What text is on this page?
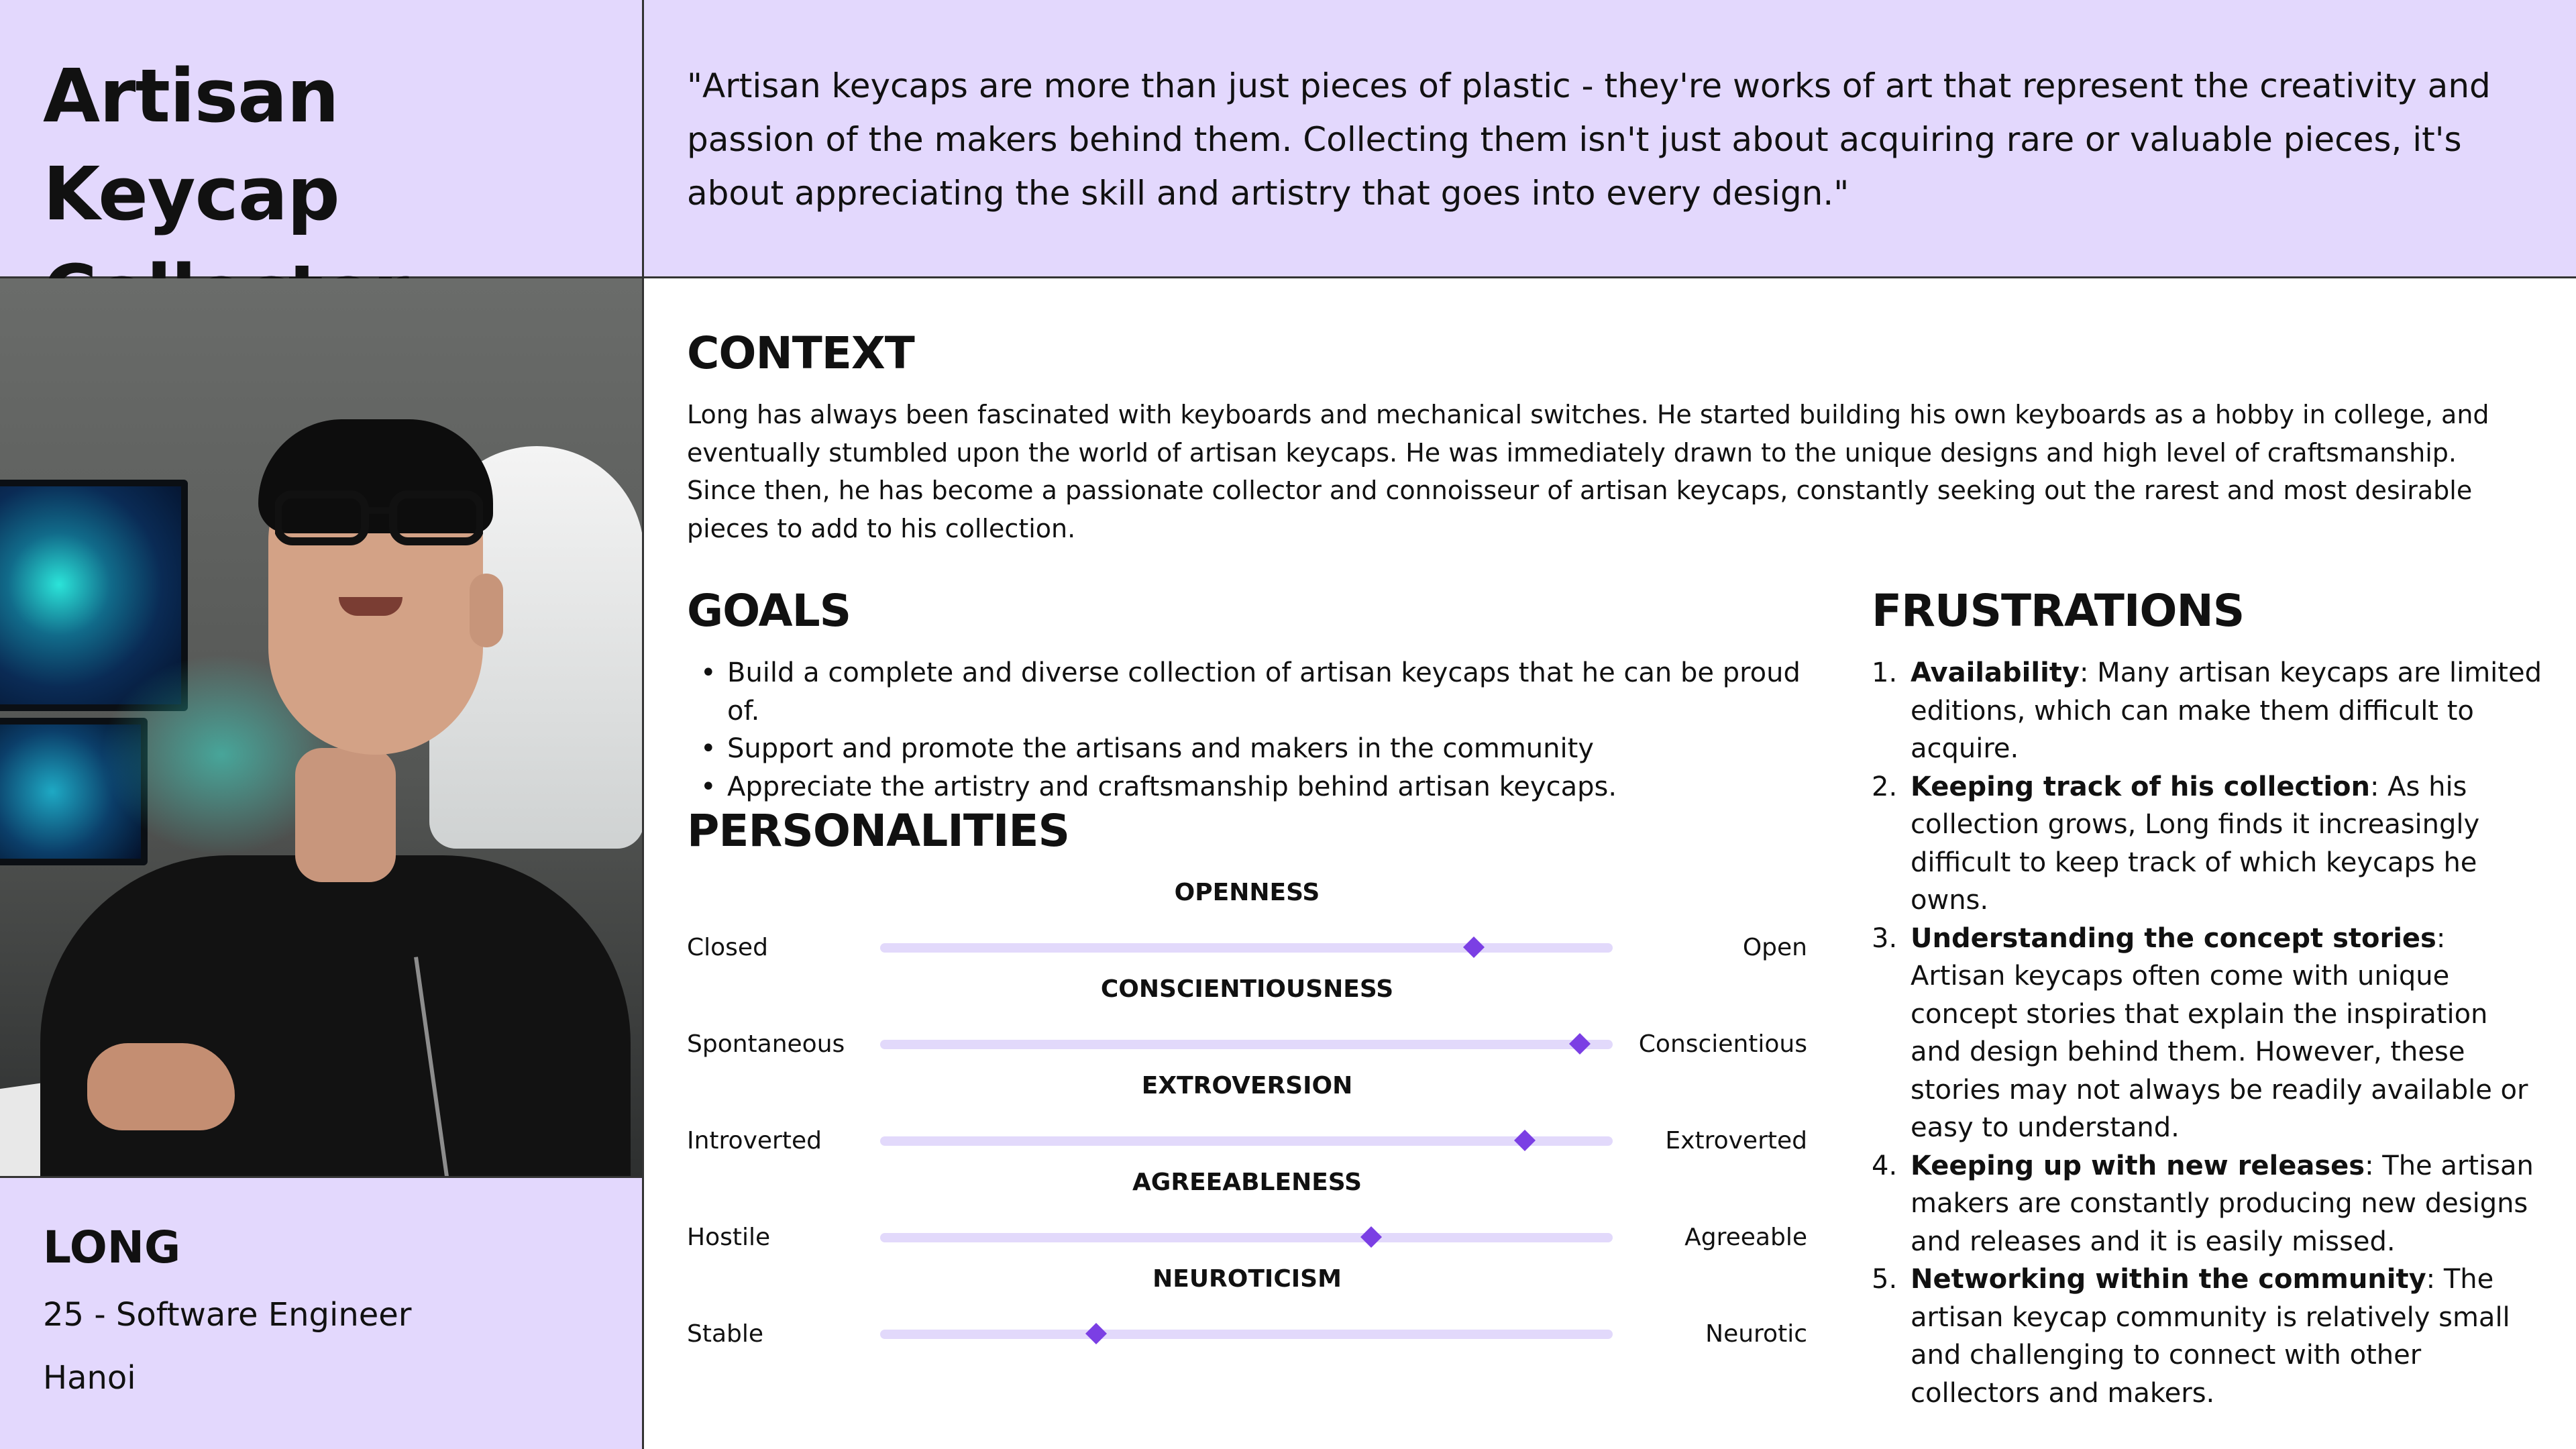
Artisan Keycap

"Artisan keycaps are more than just pieces of plastic - they're works of art that represent the creativity and passion of the makers behind them. Collecting them isn't just about acquiring rare or valuable pieces, it's about appreciating the skill and artistry that goes into every design."

LONG
25 - Software Engineer
Hanoi
CONTEXT

Long has always been fascinated with keyboards and mechanical switches. He started building his own keyboards as a hobby in college, and eventually stumbled upon the world of artisan keycaps. He was immediately drawn to the unique designs and high level of craftsmanship. Since then, he has become a passionate collector and connoisseur of artisan keycaps, constantly seeking out the rarest and most desirable pieces to add to his collection.

GOALS
• Build a complete and diverse collection of artisan keycaps that he can be proud of.
• Support and promote the artisans and makers in the community
• Appreciate the artistry and craftsmanship behind artisan keycaps.
PERSONALITIES
OPENNESS
Closed	Open
CONSCIENTIOUSNESS
Spontaneous	Conscientious
EXTROVERSION
Introverted	Extroverted
AGREEABLENESS
Hostile	Agreeable
NEUROTICISM
Stable	Neurotic
FRUSTRATIONS
1. Availability: Many artisan keycaps are limited editions, which can make them difficult to acquire.
2. Keeping track of his collection: As his collection grows, Long finds it increasingly difficult to keep track of which keycaps he owns.
3. Understanding the concept stories: Artisan keycaps often come with unique concept stories that explain the inspiration and design behind them. However, these stories may not always be readily available or easy to understand.
4. Keeping up with new releases: The artisan makers are constantly producing new designs and releases and it is easily missed.
5. Networking within the community: The artisan keycap community is relatively small and challenging to connect with other collectors and makers.
